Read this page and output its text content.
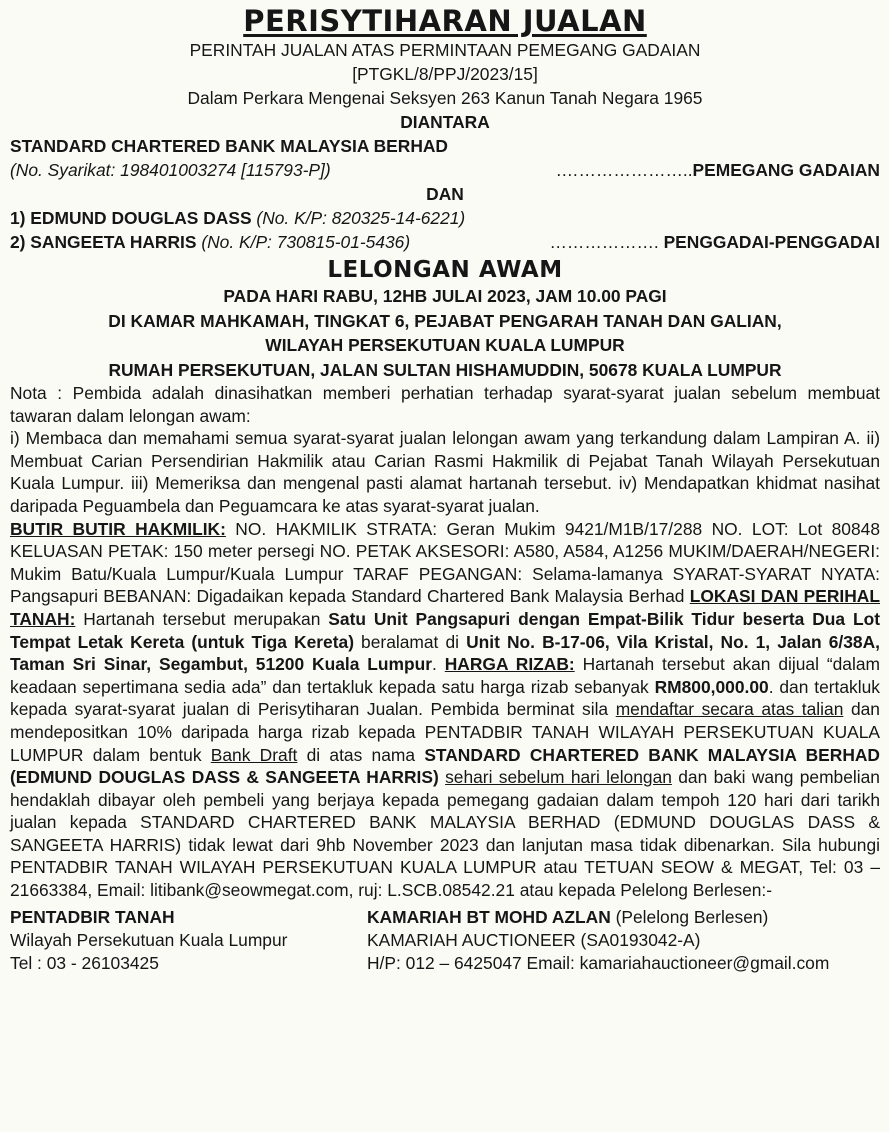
PERISYTIHARAN JUALAN
PERINTAH JUALAN ATAS PERMINTAAN PEMEGANG GADAIAN
[PTGKL/8/PPJ/2023/15]
Dalam Perkara Mengenai Seksyen 263 Kanun Tanah Negara 1965
DIANTARA
STANDARD CHARTERED BANK MALAYSIA BERHAD
(No. Syarikat: 198401003274 [115793-P])	.…………………..PEMEGANG GADAIAN
DAN
1) EDMUND DOUGLAS DASS (No. K/P: 820325-14-6221)
2) SANGEETA HARRIS (No. K/P: 730815-01-5436)	………………. PENGGADAI-PENGGADAI
LELONGAN AWAM
PADA HARI RABU, 12HB JULAI 2023, JAM 10.00 PAGI
DI KAMAR MAHKAMAH, TINGKAT 6, PEJABAT PENGARAH TANAH DAN GALIAN,
WILAYAH PERSEKUTUAN KUALA LUMPUR
RUMAH PERSEKUTUAN, JALAN SULTAN HISHAMUDDIN, 50678 KUALA LUMPUR
Nota : Pembida adalah dinasihatkan memberi perhatian terhadap syarat-syarat jualan sebelum membuat tawaran dalam lelongan awam:
i) Membaca dan memahami semua syarat-syarat jualan lelongan awam yang terkandung dalam Lampiran A. ii) Membuat Carian Persendirian Hakmilik atau Carian Rasmi Hakmilik di Pejabat Tanah Wilayah Persekutuan Kuala Lumpur. iii) Memeriksa dan mengenal pasti alamat hartanah tersebut. iv) Mendapatkan khidmat nasihat daripada Peguambela dan Peguamcara ke atas syarat-syarat jualan.
BUTIR BUTIR HAKMILIK: NO. HAKMILIK STRATA: Geran Mukim 9421/M1B/17/288 NO. LOT: Lot 80848 KELUASAN PETAK: 150 meter persegi NO. PETAK AKSESORI: A580, A584, A1256 MUKIM/DAERAH/NEGERI: Mukim Batu/Kuala Lumpur/Kuala Lumpur TARAF PEGANGAN: Selama-lamanya SYARAT-SYARAT NYATA: Pangsapuri BEBANAN: Digadaikan kepada Standard Chartered Bank Malaysia Berhad LOKASI DAN PERIHAL TANAH: Hartanah tersebut merupakan Satu Unit Pangsapuri dengan Empat-Bilik Tidur beserta Dua Lot Tempat Letak Kereta (untuk Tiga Kereta) beralamat di Unit No. B-17-06, Vila Kristal, No. 1, Jalan 6/38A, Taman Sri Sinar, Segambut, 51200 Kuala Lumpur. HARGA RIZAB: Hartanah tersebut akan dijual “dalam keadaan sepertimana sedia ada” dan tertakluk kepada satu harga rizab sebanyak RM800,000.00. dan tertakluk kepada syarat-syarat jualan di Perisytiharan Jualan. Pembida berminat sila mendaftar secara atas talian dan mendepositkan 10% daripada harga rizab kepada PENTADBIR TANAH WILAYAH PERSEKUTUAN KUALA LUMPUR dalam bentuk Bank Draft di atas nama STANDARD CHARTERED BANK MALAYSIA BERHAD (EDMUND DOUGLAS DASS & SANGEETA HARRIS) sehari sebelum hari lelongan dan baki wang pembelian hendaklah dibayar oleh pembeli yang berjaya kepada pemegang gadaian dalam tempoh 120 hari dari tarikh jualan kepada STANDARD CHARTERED BANK MALAYSIA BERHAD (EDMUND DOUGLAS DASS & SANGEETA HARRIS) tidak lewat dari 9hb November 2023 dan lanjutan masa tidak dibenarkan. Sila hubungi PENTADBIR TANAH WILAYAH PERSEKUTUAN KUALA LUMPUR atau TETUAN SEOW & MEGAT, Tel: 03 – 21663384, Email: litibank@seowmegat.com, ruj: L.SCB.08542.21 atau kepada Pelelong Berlesen:-
PENTADBIR TANAH
Wilayah Persekutuan Kuala Lumpur
Tel : 03 - 26103425
KAMARIAH BT MOHD AZLAN (Pelelong Berlesen)
KAMARIAH AUCTIONEER (SA0193042-A)
H/P: 012 – 6425047 Email: kamariahauctioneer@gmail.com
